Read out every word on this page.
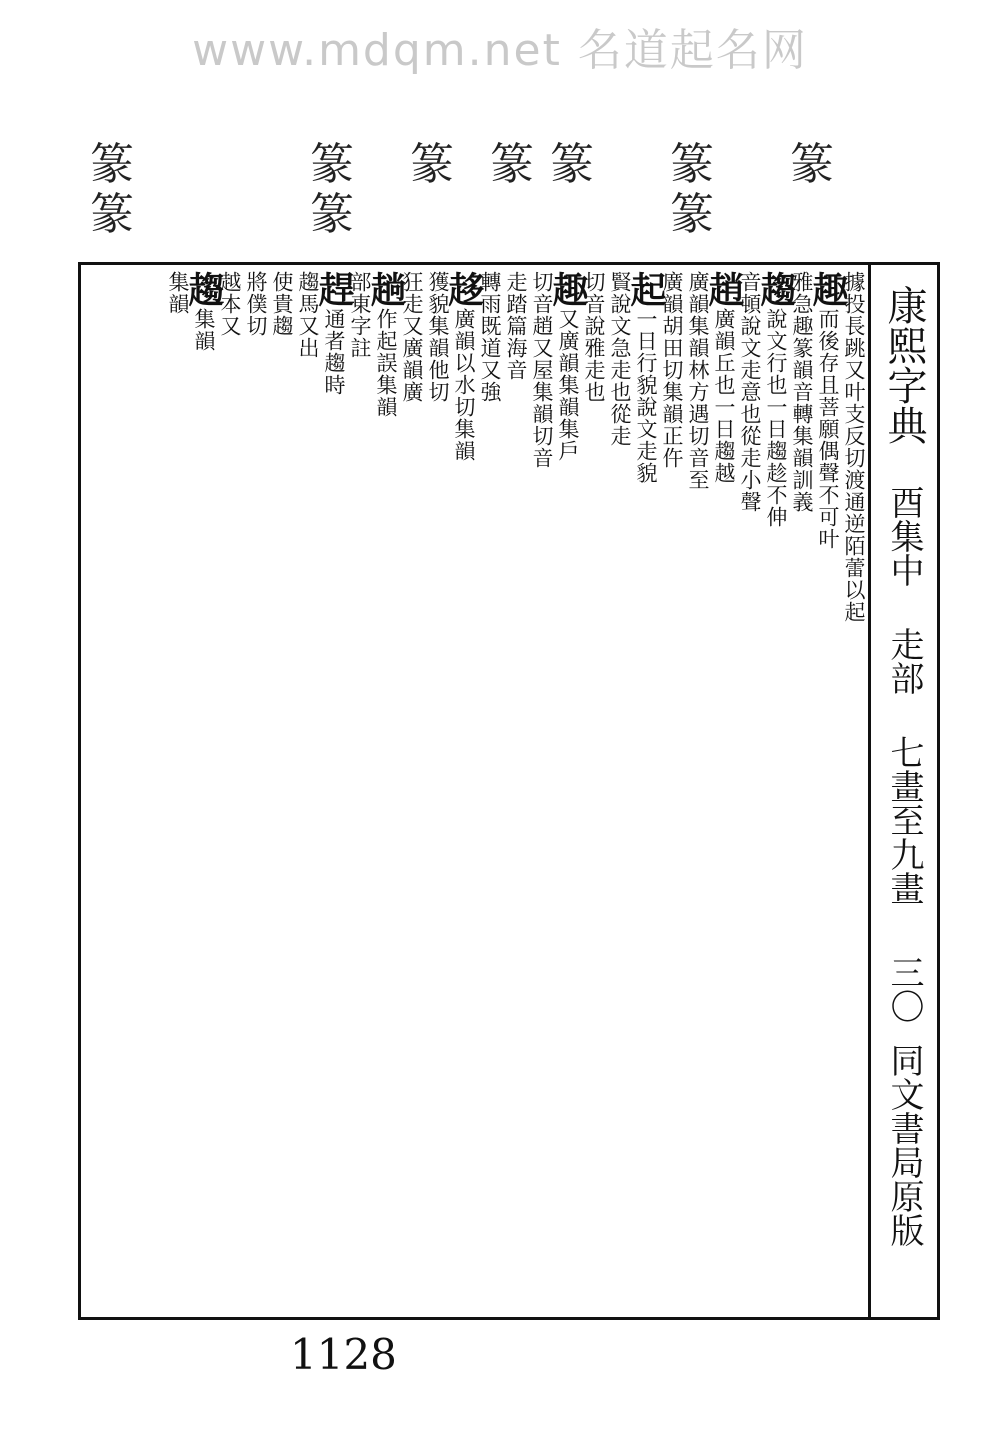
www.mdqm.net 名道起名网
篆
篆
篆
篆
篆 篆 篆 篆
篆
篆
康熙字典
酉集中
走部
七畫至九畫
三〇
同文書局原版
據投長跳又叶支反切渡通逆陌蕾以起
趣而後存且菩願偶聲不可叶
雅急趣篆韻音轉集韻訓義
趨說文行也一日趨趁不伸
音頓說文走意也從走小聲
趙廣韻丘也一日趨越
廣韻集韻林方遇切音至
廣韻胡田切集韻正仵
起一日行貌說文走貌
賢說文急走也從走
切音說雅走也
趣又廣韻集韻集戶
切音趙又屋集韻切音
走踏篇海音
轉雨既道又強
趍廣韻以水切集韻
獲貌集韻他切
狂走又廣韻廣
趟作起誤集韻
部東字註
趕通者趨時
趨馬又出
使貴趨
將僕切
越本又
趨集韻
集韻
1128
